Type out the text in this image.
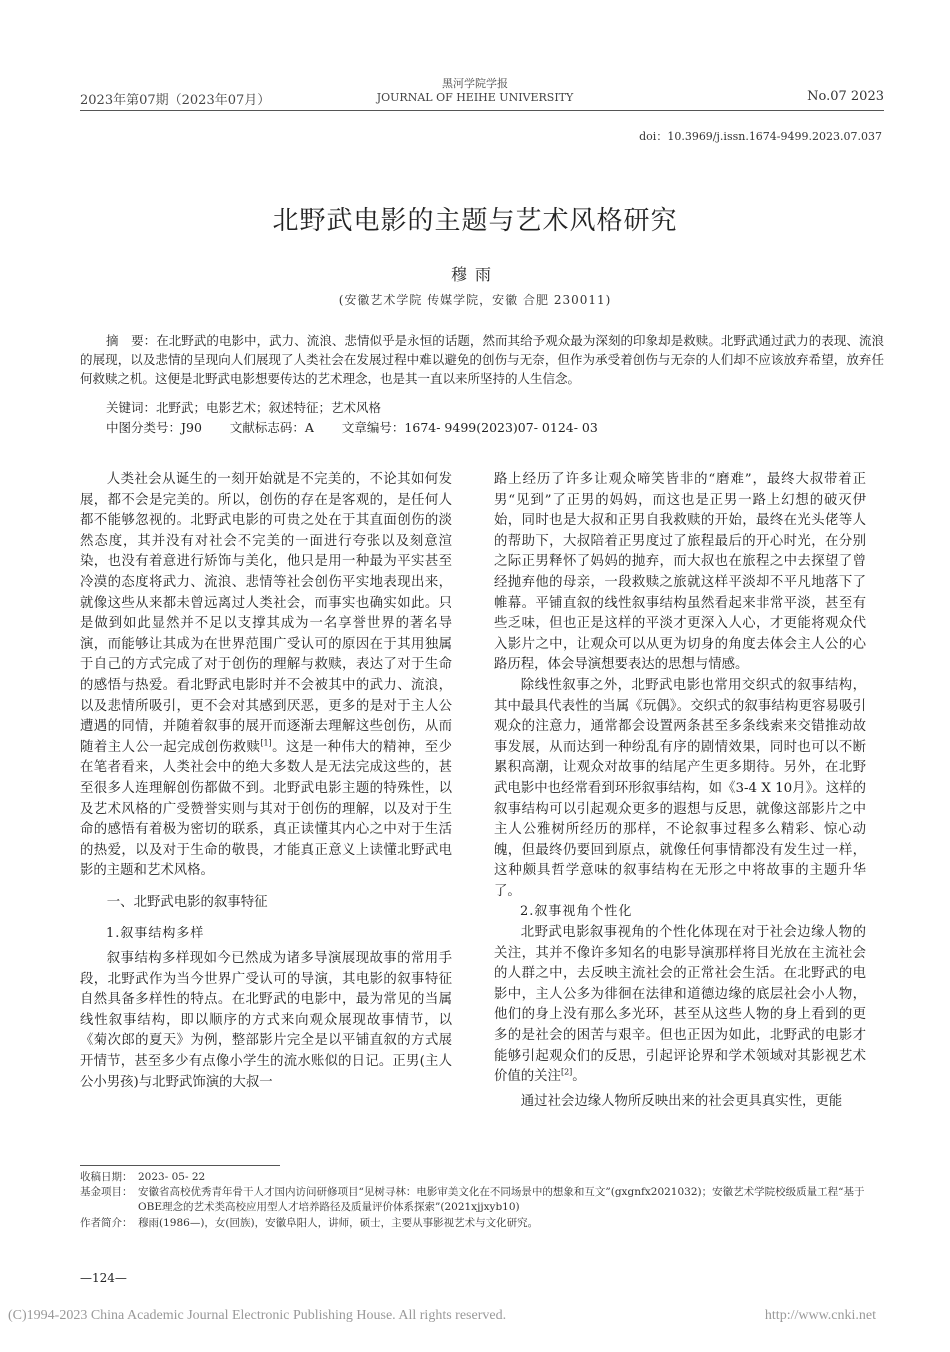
2023年第07期（2023年07月）
黑河学院学报
JOURNAL OF HEIHE UNIVERSITY	No.07 2023
doi：10.3969/j.issn.1674-9499.2023.07.037
北野武电影的主题与艺术风格研究
穆雨
(安徽艺术学院 传媒学院，安徽 合肥 230011)
摘　要：在北野武的电影中，武力、流浪、悲情似乎是永恒的话题，然而其给予观众最为深刻的印象却是救赎。北野武通过武力的表现、流浪的展现，以及悲情的呈现向人们展现了人类社会在发展过程中难以避免的创伤与无奈，但作为承受着创伤与无奈的人们却不应该放弃希望，放弃任何救赎之机。这便是北野武电影想要传达的艺术理念，也是其一直以来所坚持的人生信念。
关键词：北野武；电影艺术；叙述特征；艺术风格
中图分类号：J90 文献标志码：A 文章编号：1674- 9499(2023)07- 0124- 03

人类社会从诞生的一刻开始就是不完美的，不论其如何发展，都不会是完美的。所以，创伤的存在是客观的，是任何人都不能够忽视的。北野武电影的可贵之处在于其直面创伤的淡然态度，其并没有对社会不完美的一面进行夸张以及刻意渲染，也没有着意进行矫饰与美化，他只是用一种最为平实甚至冷漠的态度将武力、流浪、悲情等社会创伤平实地表现出来，就像这些从来都未曾远离过人类社会，而事实也确实如此。只是做到如此显然并不足以支撑其成为一名享誉世界的著名导演，而能够让其成为在世界范围广受认可的原因在于其用独属于自己的方式完成了对于创伤的理解与救赎，表达了对于生命的感悟与热爱。看北野武电影时并不会被其中的武力、流浪，以及悲情所吸引，更不会对其感到厌恶，更多的是对于主人公遭遇的同情，并随着叙事的展开而逐渐去理解这些创伤，从而随着主人公一起完成创伤救赎[1]。这是一种伟大的精神，至少在笔者看来，人类社会中的绝大多数人是无法完成这些的，甚至很多人连理解创伤都做不到。北野武电影主题的特殊性，以及艺术风格的广受赞誉实则与其对于创伤的理解，以及对于生命的感悟有着极为密切的联系，真正读懂其内心之中对于生活的热爱，以及对于生命的敬畏，才能真正意义上读懂北野武电影的主题和艺术风格。

一、北野武电影的叙事特征
1.叙事结构多样

叙事结构多样现如今已然成为诸多导演展现故事的常用手段，北野武作为当今世界广受认可的导演，其电影的叙事特征自然具备多样性的特点。在北野武的电影中，最为常见的当属线性叙事结构，即以顺序的方式来向观众展现故事情节，以《菊次郎的夏天》为例，整部影片完全是以平铺直叙的方式展开情节，甚至多少有点像小学生的流水账似的日记。正男(主人公小男孩)与北野武饰演的大叔一

路上经历了许多让观众啼笑皆非的“磨难”，最终大叔带着正男“见到”了正男的妈妈，而这也是正男一路上幻想的破灭伊始，同时也是大叔和正男自我救赎的开始，最终在光头佬等人的帮助下，大叔陪着正男度过了旅程最后的开心时光，在分别之际正男释怀了妈妈的抛弃，而大叔也在旅程之中去探望了曾经抛弃他的母亲，一段救赎之旅就这样平淡却不平凡地落下了帷幕。平铺直叙的线性叙事结构虽然看起来非常平淡，甚至有些乏味，但也正是这样的平淡才更深入人心，才更能将观众代入影片之中，让观众可以从更为切身的角度去体会主人公的心路历程，体会导演想要表达的思想与情感。

除线性叙事之外，北野武电影也常用交织式的叙事结构，其中最具代表性的当属《玩偶》。交织式的叙事结构更容易吸引观众的注意力，通常都会设置两条甚至多条线索来交错推动故事发展，从而达到一种纷乱有序的剧情效果，同时也可以不断累积高潮，让观众对故事的结尾产生更多期待。另外，在北野武电影中也经常看到环形叙事结构，如《3-4 X 10月》。这样的叙事结构可以引起观众更多的遐想与反思，就像这部影片之中主人公雅树所经历的那样，不论叙事过程多么精彩、惊心动魄，但最终仍要回到原点，就像任何事情都没有发生过一样，这种颇具哲学意味的叙事结构在无形之中将故事的主题升华了。

2.叙事视角个性化

北野武电影叙事视角的个性化体现在对于社会边缘人物的关注，其并不像许多知名的电影导演那样将目光放在主流社会的人群之中，去反映主流社会的正常社会生活。在北野武的电影中，主人公多为徘徊在法律和道德边缘的底层社会小人物，他们的身上没有那么多光环，甚至从这些人物的身上看到的更多的是社会的困苦与艰辛。但也正因为如此，北野武的电影才能够引起观众们的反思，引起评论界和学术领域对其影视艺术价值的关注[2]。

通过社会边缘人物所反映出来的社会更具真实性，更能

收稿日期： 2023- 05- 22
基金项目： 安徽省高校优秀青年骨干人才国内访问研修项目“见树寻林：电影审美文化在不同场景中的想象和互文”(gxgnfx2021032)；安徽艺术学院校级质量工程“基于OBE理念的艺术类高校应用型人才培养路径及质量评价体系探索”(2021xjjxyb10)
作者简介： 穆雨(1986—)，女(回族)，安徽阜阳人，讲师，硕士，主要从事影视艺术与文化研究。
—124—
(C)1994-2023 China Academic Journal Electronic Publishing House. All rights reserved.	http://www.cnki.net
